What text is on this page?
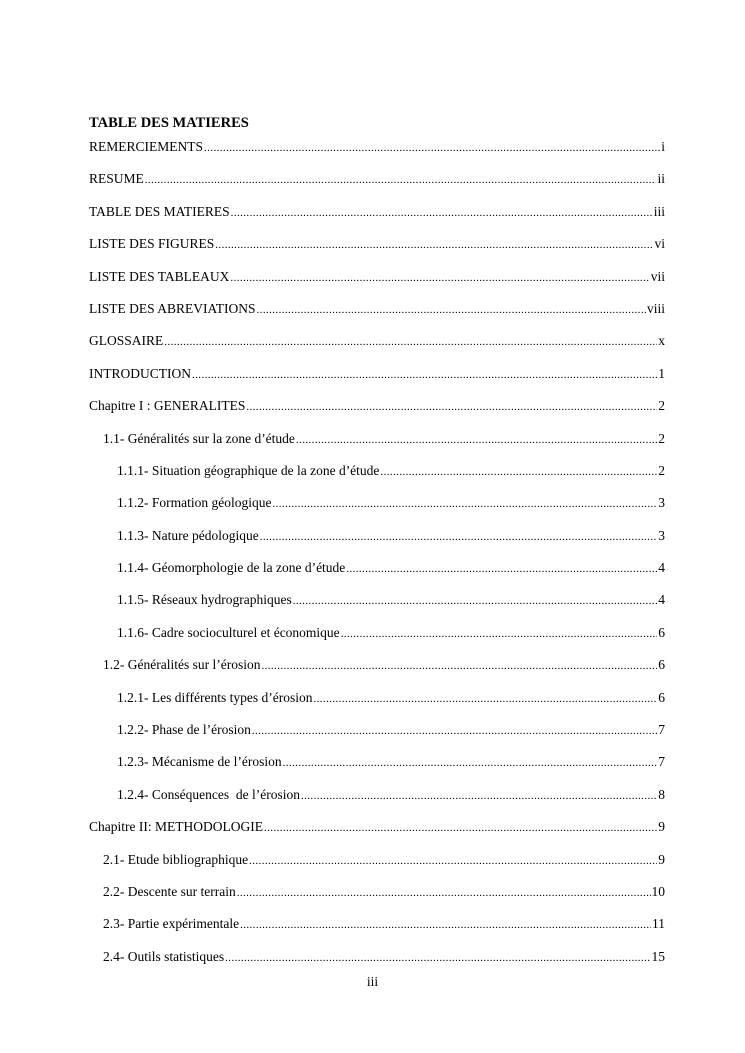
TABLE DES MATIERES
REMERCIEMENTS .....	i
RESUME .....	ii
TABLE DES MATIERES .....	iii
LISTE DES FIGURES .....	vi
LISTE DES TABLEAUX .....	vii
LISTE DES ABREVIATIONS .....	viii
GLOSSAIRE .....	x
INTRODUCTION .....	1
Chapitre I : GENERALITES .....	2
1.1- Généralités sur la zone d’étude .....	2
1.1.1- Situation géographique de la zone d’étude .....	2
1.1.2- Formation géologique .....	3
1.1.3- Nature pédologique .....	3
1.1.4- Géomorphologie de la zone d’étude .....	4
1.1.5- Réseaux hydrographiques .....	4
1.1.6- Cadre socioculturel et économique .....	6
1.2- Généralités sur l’érosion .....	6
1.2.1- Les différents types d’érosion .....	6
1.2.2- Phase de l’érosion .....	7
1.2.3- Mécanisme de l’érosion .....	7
1.2.4- Conséquences  de l’érosion .....	8
Chapitre II: METHODOLOGIE .....	9
2.1- Etude bibliographique .....	9
2.2- Descente sur terrain .....	10
2.3- Partie expérimentale .....	11
2.4- Outils statistiques .....	15
iii
